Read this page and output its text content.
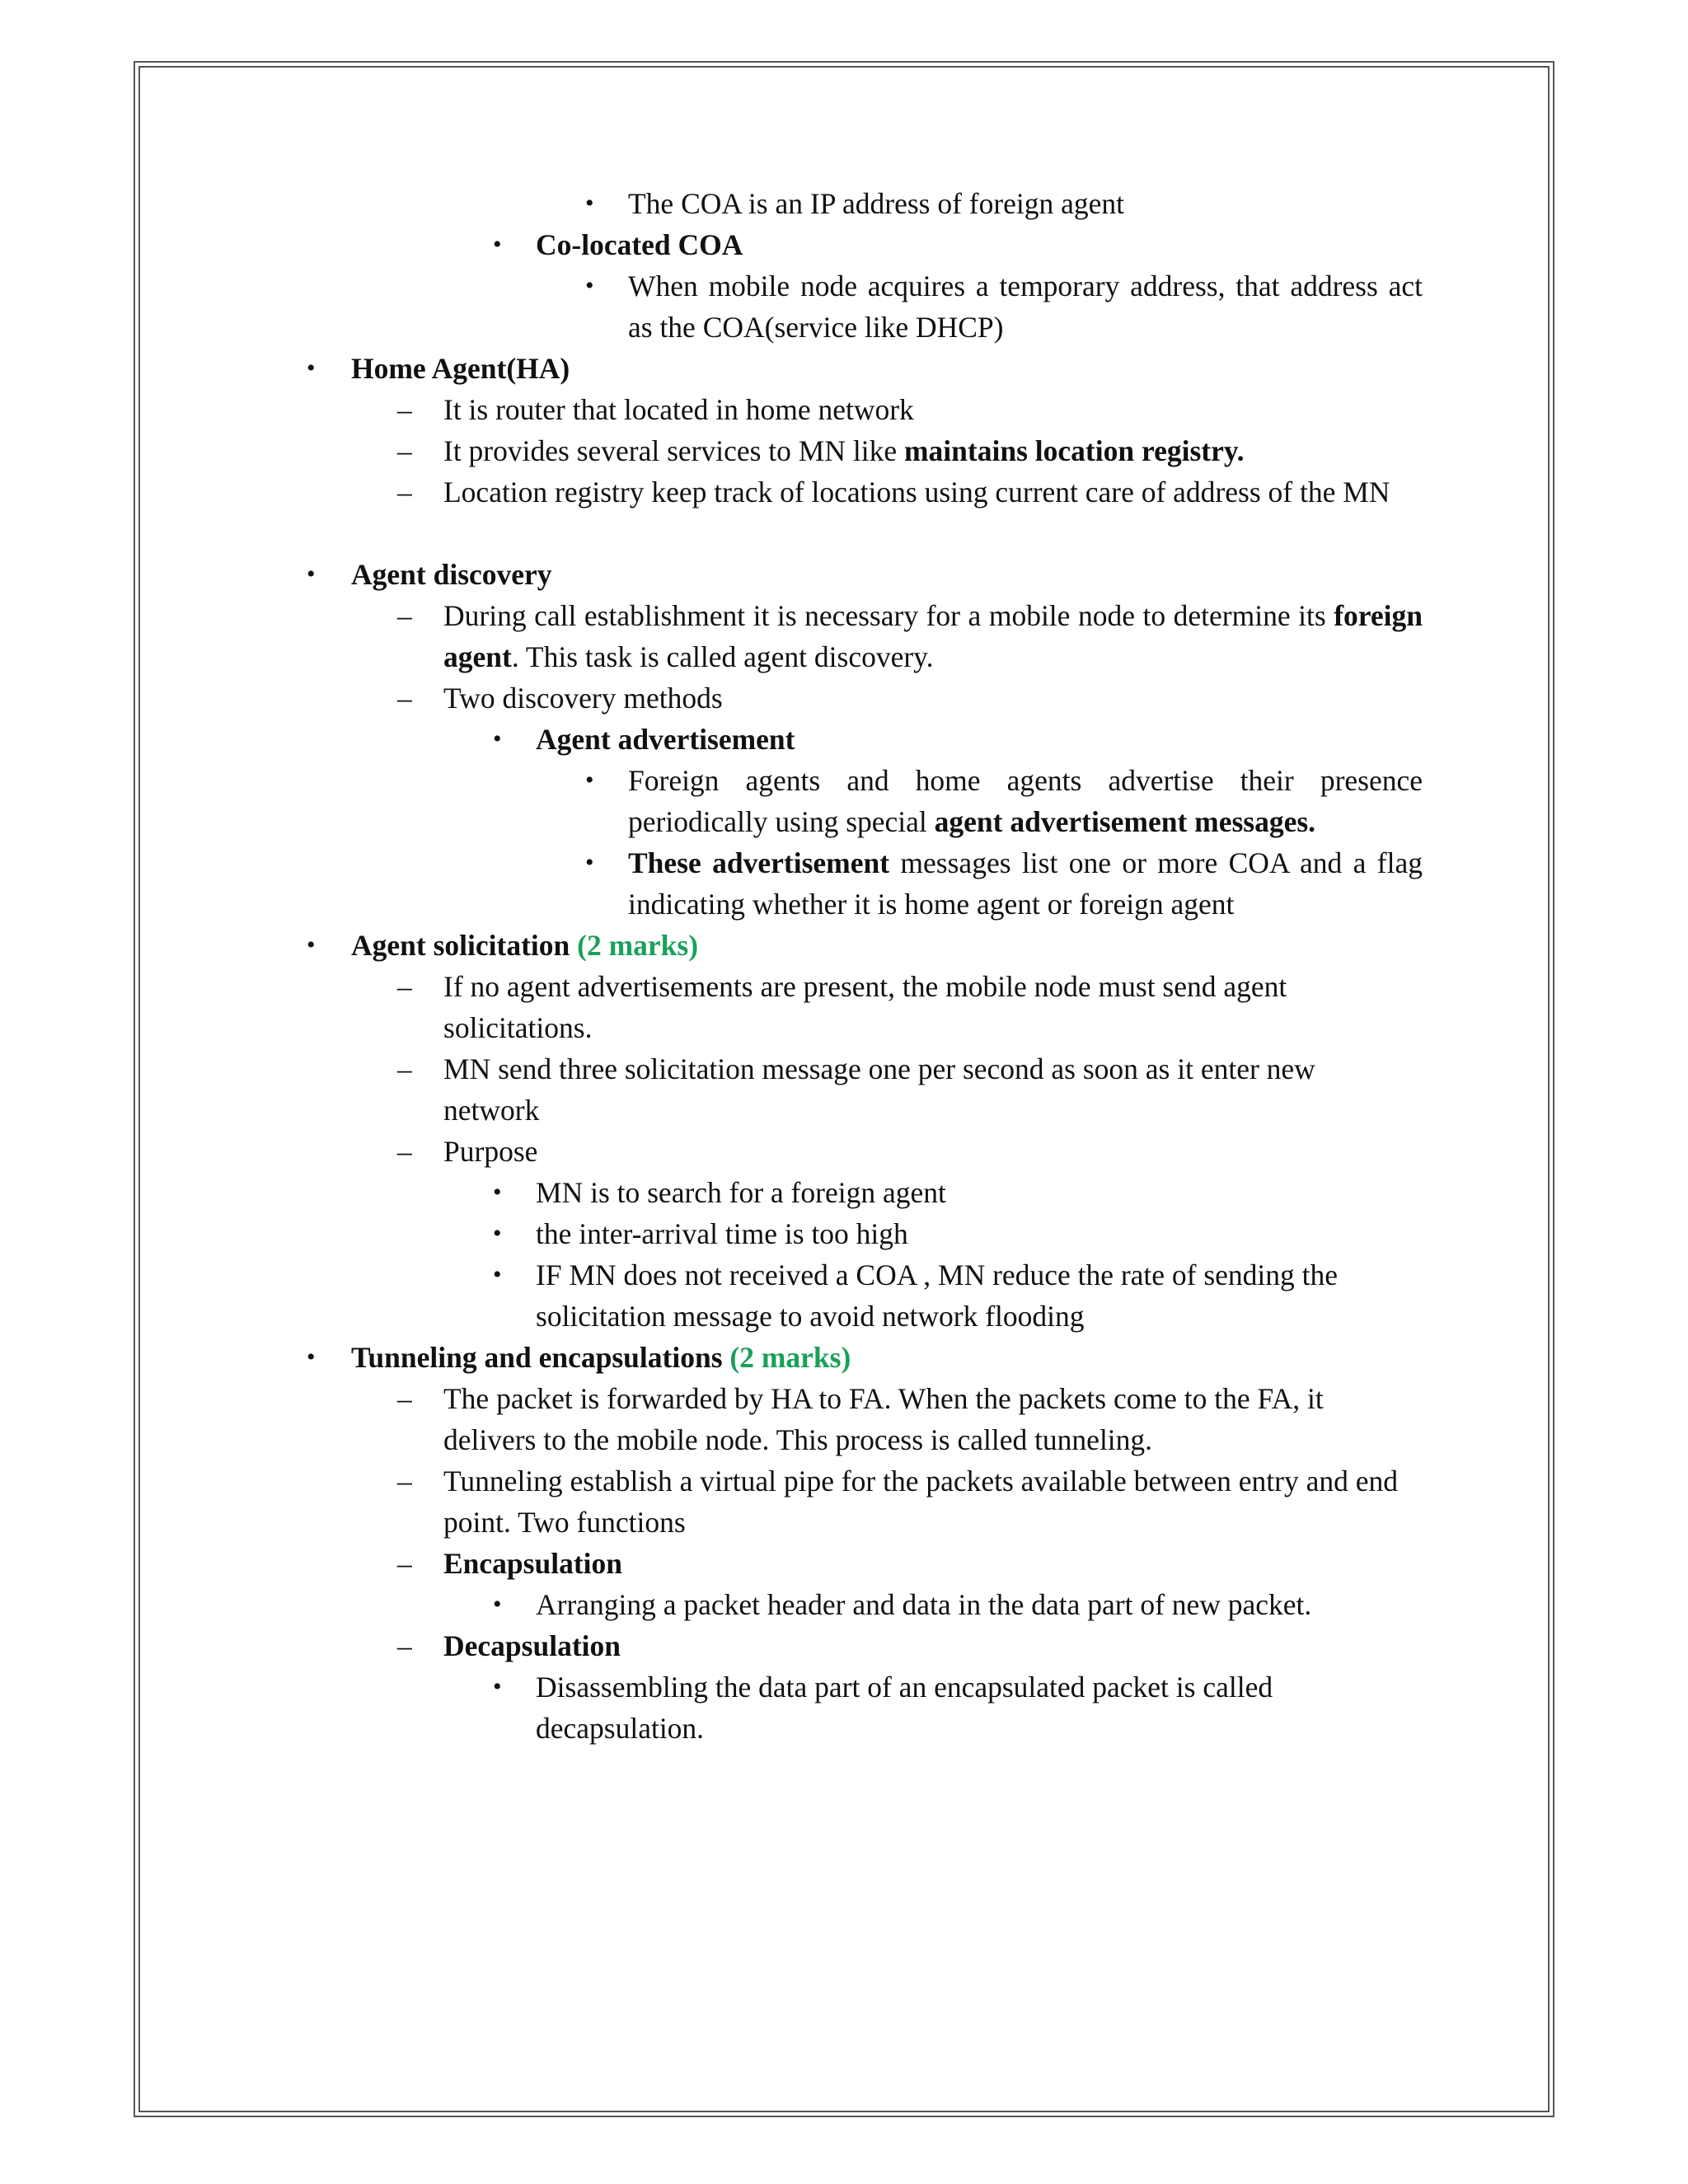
• The COA is an IP address of foreign agent
• Co-located COA
• When mobile node acquires a temporary address, that address act as the COA(service like DHCP)
• Home Agent(HA)
– It is router that located in home network
– It provides several services to MN like maintains location registry.
– Location registry keep track of locations using current care of address of the MN
• Agent discovery
– During call establishment it is necessary for a mobile node to determine its foreign agent. This task is called agent discovery.
– Two discovery methods
• Agent advertisement
• Foreign agents and home agents advertise their presence periodically using special agent advertisement messages.
• These advertisement messages list one or more COA and a flag indicating whether it is home agent or foreign agent
• Agent solicitation (2 marks)
– If no agent advertisements are present, the mobile node must send agent solicitations.
– MN send three solicitation message one per second as soon as it enter new network
– Purpose
• MN is to search for a foreign agent
• the inter-arrival time is too high
• IF MN does not received a COA , MN reduce the rate of sending the solicitation message to avoid network flooding
• Tunneling and encapsulations (2 marks)
– The packet is forwarded by HA to FA. When the packets come to the FA, it delivers to the mobile node. This process is called tunneling.
– Tunneling establish a virtual pipe for the packets available between entry and end point. Two functions
– Encapsulation
• Arranging a packet header and data in the data part of new packet.
– Decapsulation
• Disassembling the data part of an encapsulated packet is called decapsulation.
